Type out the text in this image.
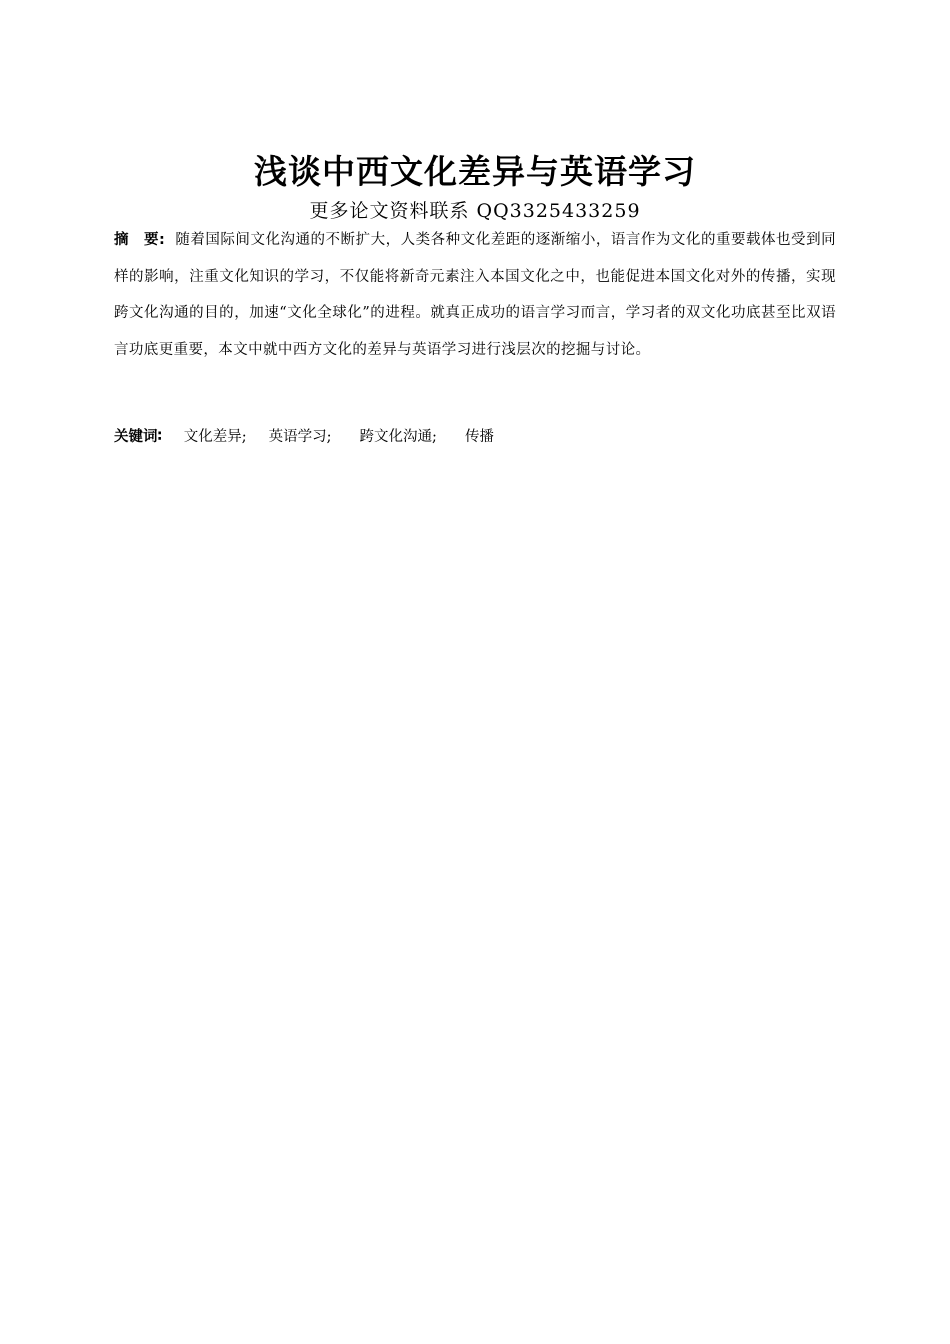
浅谈中西文化差异与英语学习
更多论文资料联系 QQ3325433259
摘　要: 随着国际间文化沟通的不断扩大，人类各种文化差距的逐渐缩小，语言作为文化的重要载体也受到同样的影响，注重文化知识的学习，不仅能将新奇元素注入本国文化之中，也能促进本国文化对外的传播，实现跨文化沟通的目的，加速“文化全球化”的进程。就真正成功的语言学习而言，学习者的双文化功底甚至比双语言功底更重要，本文中就中西方文化的差异与英语学习进行浅层次的挖掘与讨论。
关键词∶ 文化差异; 英语学习; 跨文化沟通; 传播
